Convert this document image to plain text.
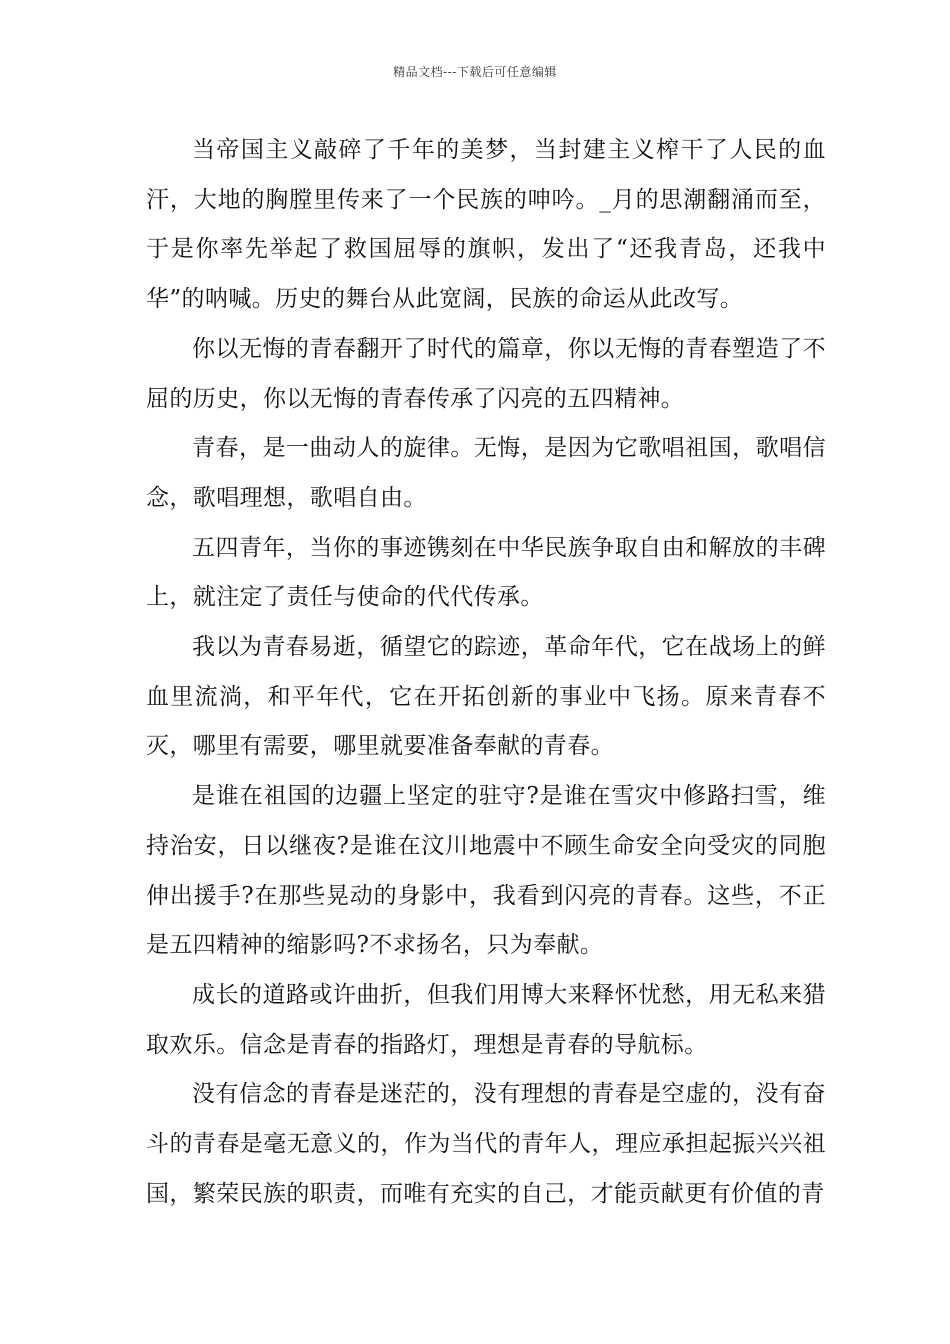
精品文档---下载后可任意编辑

当帝国主义敲碎了千年的美梦，当封建主义榨干了人民的血汗，大地的胸膛里传来了一个民族的呻吟。_月的思潮翻涌而至，于是你率先举起了救国屈辱的旗帜，发出了“还我青岛，还我中华”的呐喊。历史的舞台从此宽阔，民族的命运从此改写。

你以无悔的青春翻开了时代的篇章，你以无悔的青春塑造了不屈的历史，你以无悔的青春传承了闪亮的五四精神。

青春，是一曲动人的旋律。无悔，是因为它歌唱祖国，歌唱信念，歌唱理想，歌唱自由。

五四青年，当你的事迹镌刻在中华民族争取自由和解放的丰碑上，就注定了责任与使命的代代传承。

我以为青春易逝，循望它的踪迹，革命年代，它在战场上的鲜血里流淌，和平年代，它在开拓创新的事业中飞扬。原来青春不灭，哪里有需要，哪里就要准备奉献的青春。

是谁在祖国的边疆上坚定的驻守?是谁在雪灾中修路扫雪，维持治安，日以继夜?是谁在汶川地震中不顾生命安全向受灾的同胞伸出援手?在那些晃动的身影中，我看到闪亮的青春。这些，不正是五四精神的缩影吗?不求扬名，只为奉献。

成长的道路或许曲折，但我们用博大来释怀忧愁，用无私来猎取欢乐。信念是青春的指路灯，理想是青春的导航标。

没有信念的青春是迷茫的，没有理想的青春是空虚的，没有奋斗的青春是毫无意义的，作为当代的青年人，理应承担起振兴兴祖国，繁荣民族的职责，而唯有充实的自己，才能贡献更有价值的青
